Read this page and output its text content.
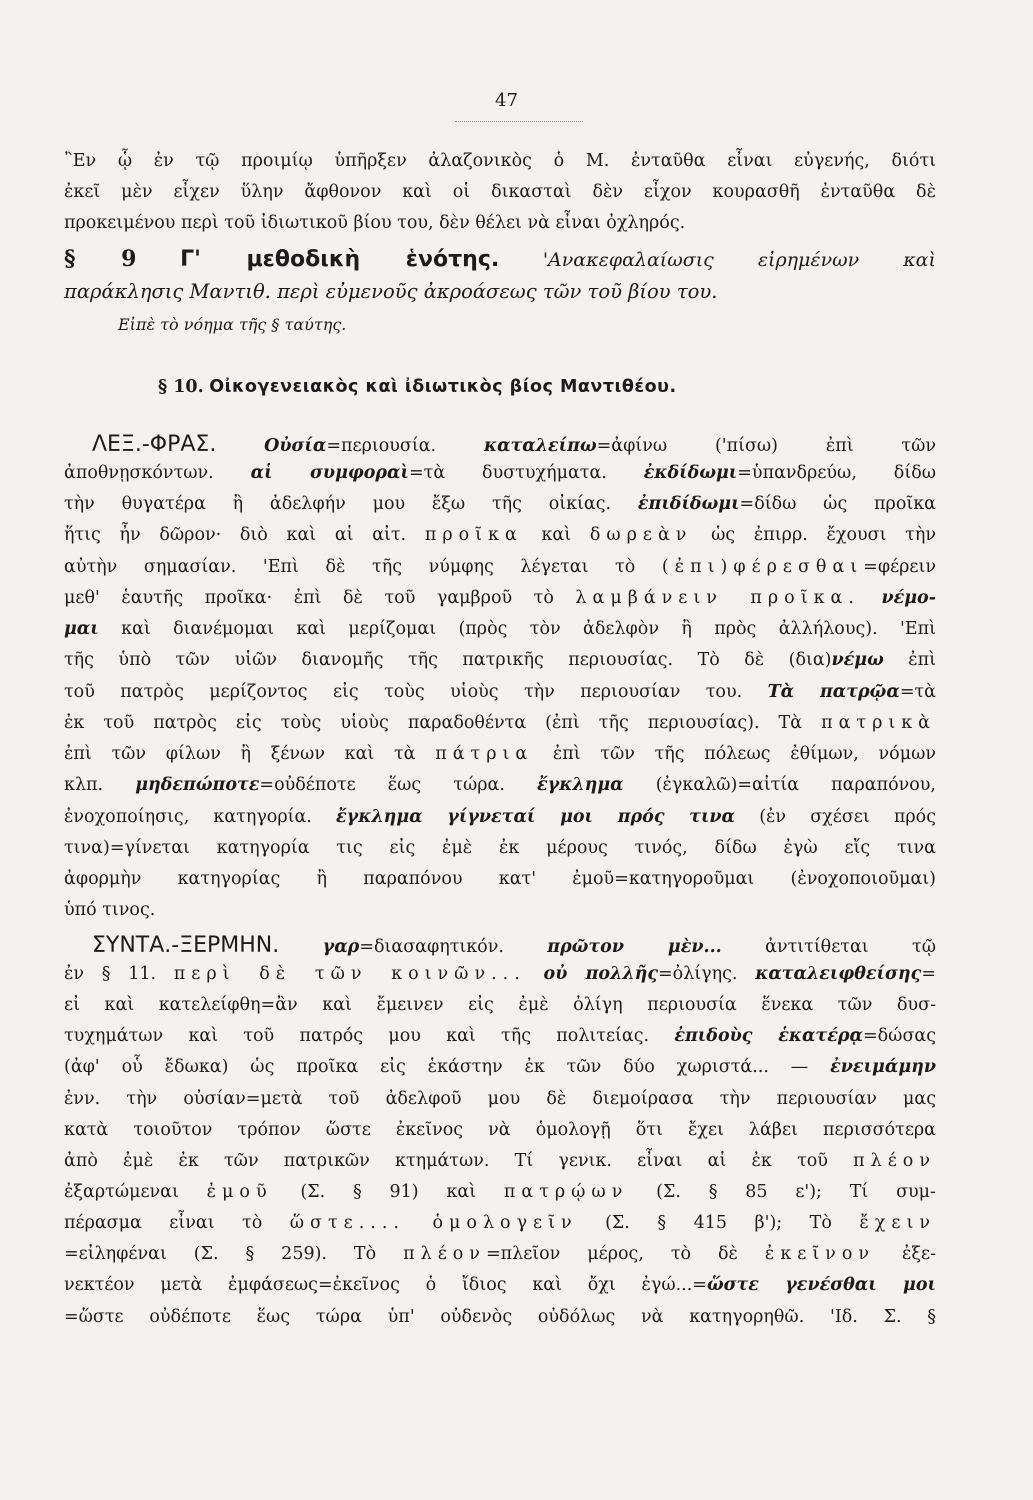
47
῍Εν ᾧ ἐν τῷ προιμίῳ ὑπῆρξεν ἀλαζονικὸς ὁ Μ. ἐνταῦθα εἶναι εὐγενής, διότι
ἐκεῖ μὲν εἶχεν ὕλην ἄφθονον καὶ οἱ δικασταὶ δὲν εἶχον κουρασθῆ ἐνταῦθα δὲ
προκειμένου περὶ τοῦ ἰδιωτικοῦ βίου του, δὲν θέλει νὰ εἶναι ὀχληρός.
§ 9 Γ' μεθοδικὴ ἑνότης. 'Ανακεφαλαίωσις εἰρημένων καὶ
παράκλησις Μαντιθ. περὶ εὐμενοῦς ἀκροάσεως τῶν τοῦ βίου του.
Εἰπὲ τὸ νόημα τῆς § ταύτης.
§ 10. Οἰκογενειακὸς καὶ ἰδιωτικὸς βίος Μαντιθέου.
ΛΕΞ.-ΦΡΑΣ.	Οὐσία=περιουσία.	καταλείπω=ἀφίνω ('πίσω) ἐπὶ τῶν
ἀποθνῃσκόντων. αἱ συμφοραὶ=τὰ δυστυχήματα. ἐκδίδωμι=ὑπανδρεύω, δίδω
τὴν θυγατέρα ἢ ἀδελφήν μου ἔξω τῆς οἰκίας. ἐπιδίδωμι=δίδω ὡς προῖκα
ἥτις ἦν δῶρον· διὸ καὶ αἱ αἰτ. προῖκα καὶ δωρεὰν ὡς ἐπιρρ. ἔχουσι τὴν
αὐτὴν σημασίαν. 'Επὶ δὲ τῆς νύμφης λέγεται τὸ (ἐπι)φέρεσθαι=φέρειν
μεθ' ἑαυτῆς προῖκα· ἐπὶ δὲ τοῦ γαμβροῦ τὸ λαμβάνειν προῖκα. νέμο-
μαι καὶ διανέμομαι καὶ μερίζομαι (πρὸς τὸν ἀδελφὸν ἢ πρὸς ἀλλήλους). 'Επὶ
τῆς ὑπὸ τῶν υἱῶν διανομῆς τῆς πατρικῆς περιουσίας. Τὸ δὲ (δια)νέμω ἐπὶ
τοῦ πατρὸς μερίζοντος εἰς τοὺς υἱοὺς τὴν περιουσίαν του. Τὰ πατρῷα=τὰ
ἐκ τοῦ πατρὸς εἰς τοὺς υἱοὺς παραδοθέντα (ἐπὶ τῆς περιουσίας). Τὰ πατρικὰ
ἐπὶ τῶν φίλων ἢ ξένων καὶ τὰ πάτρια ἐπὶ τῶν τῆς πόλεως ἐθίμων, νόμων
κλπ. μηδεπώποτε=οὐδέποτε ἕως τώρα. ἔγκλημα (ἐγκαλῶ)=αἰτία παραπόνου,
ἐνοχοποίησις, κατηγορία. ἔγκλημα γίγνεταί μοι πρός τινα (ἐν σχέσει πρός
τινα)=γίνεται κατηγορία τις εἰς ἐμὲ ἐκ μέρους τινός, δίδω ἐγὼ εἴς τινα
ἀφορμὴν κατηγορίας ἢ παραπόνου κατ' ἐμοῦ=κατηγοροῦμαι (ἐνοχοποιοῦμαι)
ὑπό τινος.
ΣΥΝΤΑ.-ΞΕΡΜΗΝ. γαρ=διασαφητικόν. πρῶτον μὲν... ἀντιτίθεται τῷ
ἐν § 11. περὶ δὲ τῶν κοινῶν... οὐ πολλῆς=ὀλίγης. καταλειφθείσης=
εἰ καὶ κατελείφθη=ἂν καὶ ἔμεινεν εἰς ἐμὲ ὀλίγη περιουσία ἕνεκα τῶν δυσ-
τυχημάτων καὶ τοῦ πατρός μου καὶ τῆς πολιτείας. ἐπιδοὺς ἑκατέρᾳ=δώσας
(ἀφ' οὗ ἔδωκα) ὡς προῖκα εἰς ἑκάστην ἐκ τῶν δύο χωριστά... — ἐνειμάμην
ἐνν. τὴν οὐσίαν=μετὰ τοῦ ἀδελφοῦ μου δὲ διεμοίρασα τὴν περιουσίαν μας
κατὰ τοιοῦτον τρόπον ὥστε ἐκεῖνος νὰ ὁμολογῇ ὅτι ἔχει λάβει περισσότερα
ἀπὸ ἐμὲ ἐκ τῶν πατρικῶν κτημάτων. Τί γενικ. εἶναι αἱ ἐκ τοῦ πλέον
ἐξαρτώμεναι ἐμοῦ (Σ. § 91) καὶ πατρῴων (Σ. § 85 ε'); Τί συμ-
πέρασμα εἶναι τὸ ὥστε.... ὁμολογεῖν (Σ. § 415 β'); Τὸ ἔχειν
=εἰληφέναι (Σ. § 259). Τὸ πλέον=πλεῖον μέρος, τὸ δὲ ἐκεῖνον ἐξε-
νεκτέον μετὰ ἐμφάσεως=ἐκεῖνος ὁ ἴδιος καὶ ὄχι ἐγώ...=ὥστε γενέσθαι μοι
=ὥστε οὐδέποτε ἕως τώρα ὑπ' οὐδενὸς οὐδόλως νὰ κατηγορηθῶ. 'Ιδ. Σ. §
